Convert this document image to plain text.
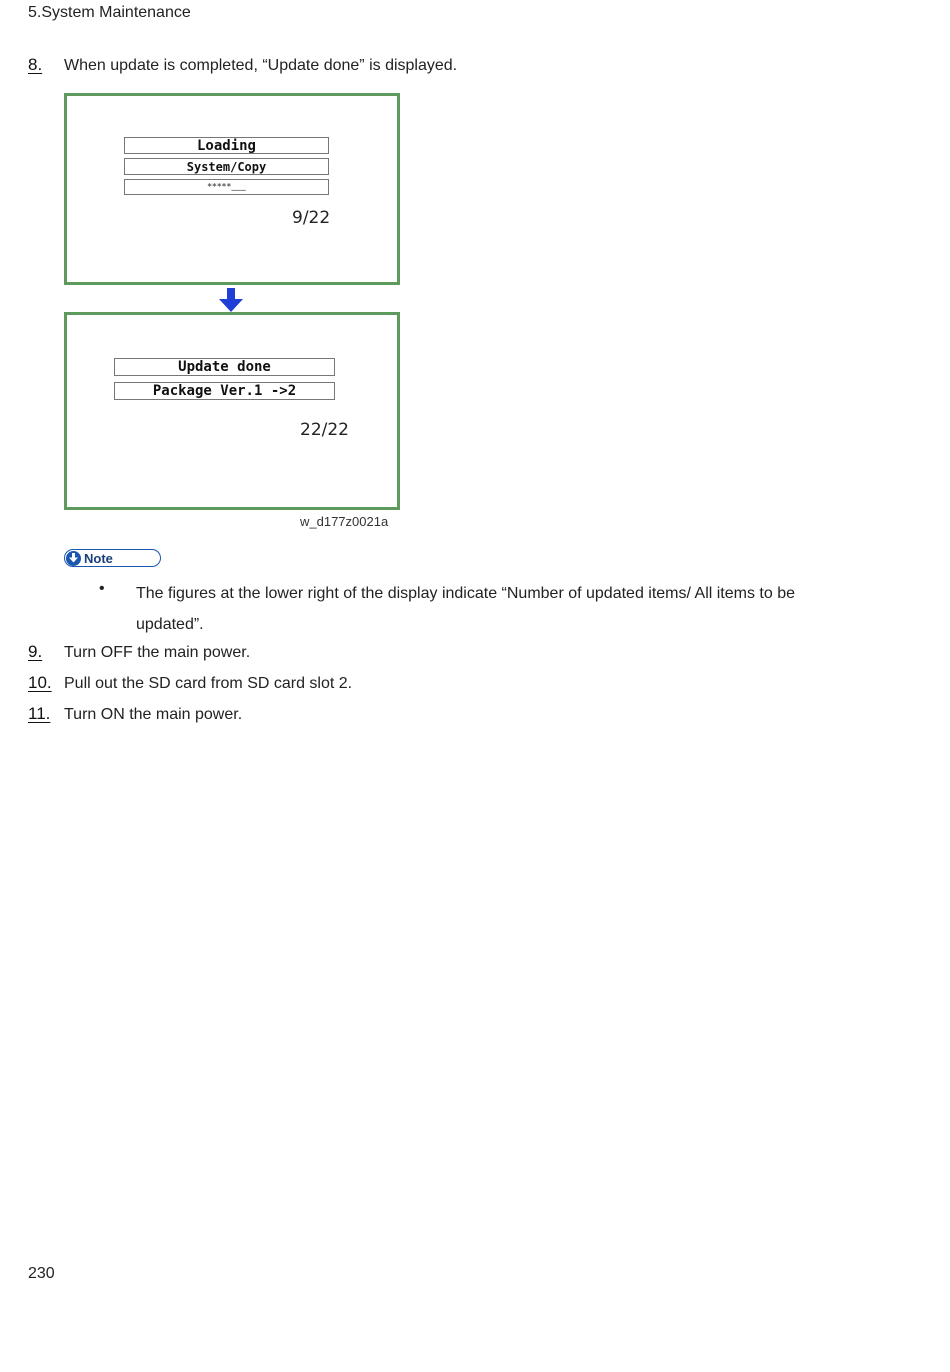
5.System Maintenance
8. When update is completed, “Update done” is displayed.
Loading
System/Copy
*****___
9/22
Update done
Package Ver.1 ->2
22/22
w_d177z0021a
Note
• The figures at the lower right of the display indicate “Number of updated items/ All items to be updated”.
9. Turn OFF the main power.
10. Pull out the SD card from SD card slot 2.
11. Turn ON the main power.
230
